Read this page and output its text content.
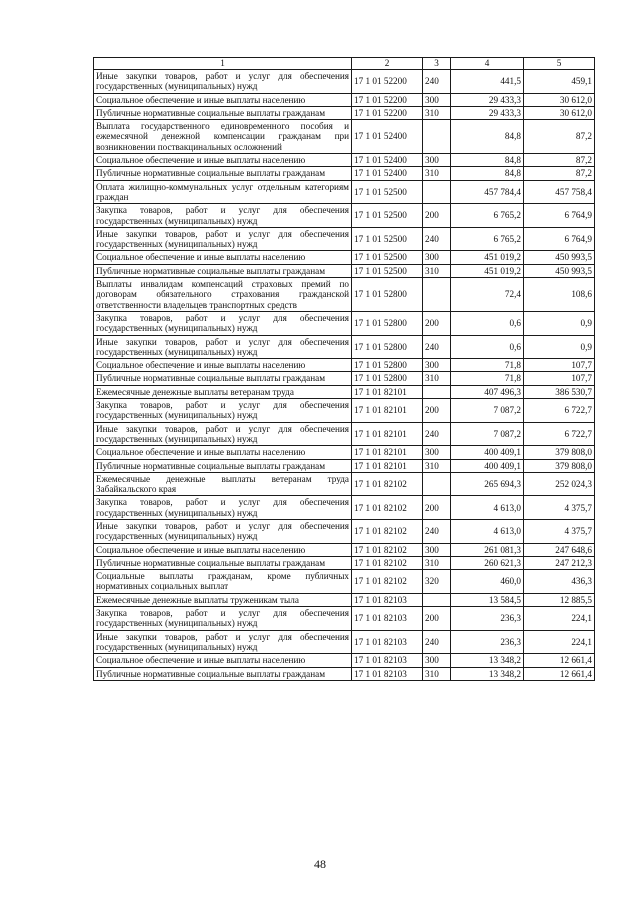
1	2	3	4	5
Иные закупки товаров, работ и услуг для обеспечения государственных (муниципальных) нужд	17 1 01 52200	240	441,5	459,1
Социальное обеспечение и иные выплаты населению	17 1 01 52200	300	29 433,3	30 612,0
Публичные нормативные социальные выплаты гражданам	17 1 01 52200	310	29 433,3	30 612,0
Выплата государственного единовременного пособия и ежемесячной денежной компенсации гражданам при возникновении поствакцинальных осложнений	17 1 01 52400		84,8	87,2
Социальное обеспечение и иные выплаты населению	17 1 01 52400	300	84,8	87,2
Публичные нормативные социальные выплаты гражданам	17 1 01 52400	310	84,8	87,2
Оплата жилищно-коммунальных услуг отдельным категориям граждан	17 1 01 52500		457 784,4	457 758,4
Закупка товаров, работ и услуг для обеспечения государственных (муниципальных) нужд	17 1 01 52500	200	6 765,2	6 764,9
Иные закупки товаров, работ и услуг для обеспечения государственных (муниципальных) нужд	17 1 01 52500	240	6 765,2	6 764,9
Социальное обеспечение и иные выплаты населению	17 1 01 52500	300	451 019,2	450 993,5
Публичные нормативные социальные выплаты гражданам	17 1 01 52500	310	451 019,2	450 993,5
Выплаты инвалидам компенсаций страховых премий по договорам обязательного страхования гражданской ответственности владельцев транспортных средств	17 1 01 52800		72,4	108,6
Закупка товаров, работ и услуг для обеспечения государственных (муниципальных) нужд	17 1 01 52800	200	0,6	0,9
Иные закупки товаров, работ и услуг для обеспечения государственных (муниципальных) нужд	17 1 01 52800	240	0,6	0,9
Социальное обеспечение и иные выплаты населению	17 1 01 52800	300	71,8	107,7
Публичные нормативные социальные выплаты гражданам	17 1 01 52800	310	71,8	107,7
Ежемесячные денежные выплаты ветеранам труда	17 1 01 82101		407 496,3	386 530,7
Закупка товаров, работ и услуг для обеспечения государственных (муниципальных) нужд	17 1 01 82101	200	7 087,2	6 722,7
Иные закупки товаров, работ и услуг для обеспечения государственных (муниципальных) нужд	17 1 01 82101	240	7 087,2	6 722,7
Социальное обеспечение и иные выплаты населению	17 1 01 82101	300	400 409,1	379 808,0
Публичные нормативные социальные выплаты гражданам	17 1 01 82101	310	400 409,1	379 808,0
Ежемесячные денежные выплаты ветеранам труда Забайкальского края	17 1 01 82102		265 694,3	252 024,3
Закупка товаров, работ и услуг для обеспечения государственных (муниципальных) нужд	17 1 01 82102	200	4 613,0	4 375,7
Иные закупки товаров, работ и услуг для обеспечения государственных (муниципальных) нужд	17 1 01 82102	240	4 613,0	4 375,7
Социальное обеспечение и иные выплаты населению	17 1 01 82102	300	261 081,3	247 648,6
Публичные нормативные социальные выплаты гражданам	17 1 01 82102	310	260 621,3	247 212,3
Социальные выплаты гражданам, кроме публичных нормативных социальных выплат	17 1 01 82102	320	460,0	436,3
Ежемесячные денежные выплаты труженикам тыла	17 1 01 82103		13 584,5	12 885,5
Закупка товаров, работ и услуг для обеспечения государственных (муниципальных) нужд	17 1 01 82103	200	236,3	224,1
Иные закупки товаров, работ и услуг для обеспечения государственных (муниципальных) нужд	17 1 01 82103	240	236,3	224,1
Социальное обеспечение и иные выплаты населению	17 1 01 82103	300	13 348,2	12 661,4
Публичные нормативные социальные выплаты гражданам	17 1 01 82103	310	13 348,2	12 661,4
48
